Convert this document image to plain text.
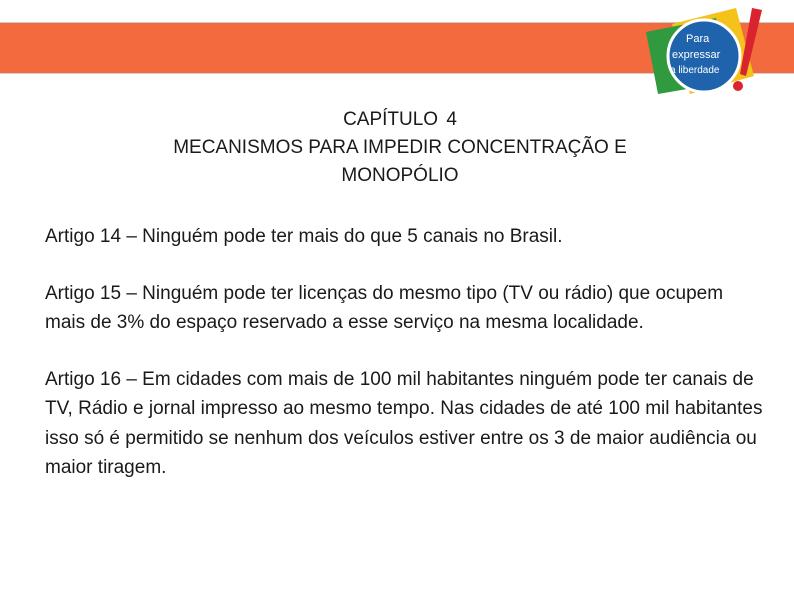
Para
expressar
a liberdade
CAPÍTULO 4
MECANISMOS PARA IMPEDIR CONCENTRAÇÃO E
MONOPÓLIO

Artigo 14 – Ninguém pode ter mais do que 5 canais no Brasil.

Artigo 15 – Ninguém pode ter licenças do mesmo tipo (TV ou rádio) que ocupem mais de 3% do espaço reservado a esse serviço na mesma localidade.

Artigo 16 – Em cidades com mais de 100 mil habitantes ninguém pode ter canais de TV, Rádio e jornal impresso ao mesmo tempo. Nas cidades de até 100 mil habitantes isso só é permitido se nenhum dos veículos estiver entre os 3 de maior audiência ou maior tiragem.
